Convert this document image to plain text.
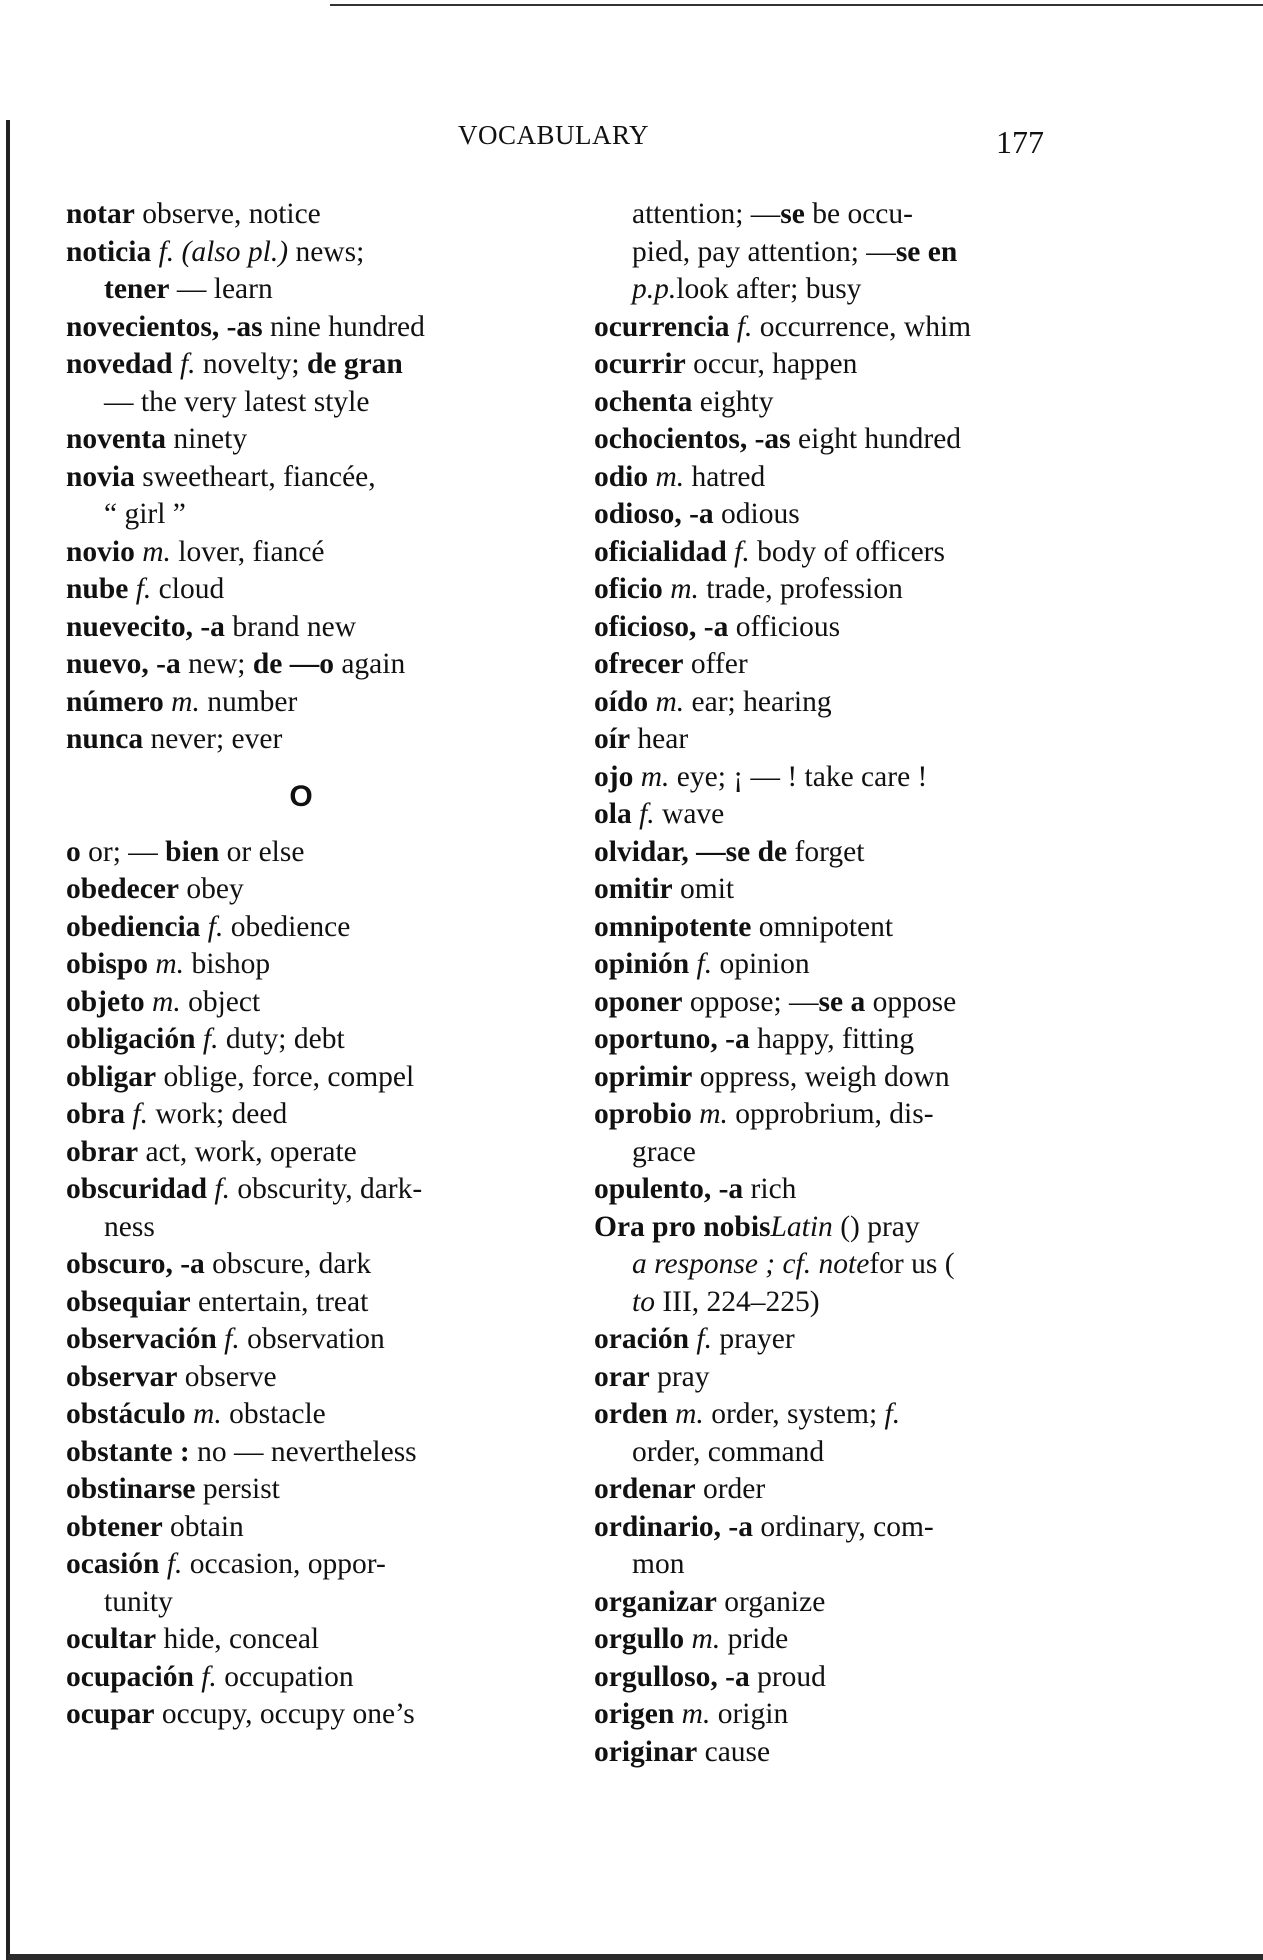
VOCABULARY	177
notar observe, notice
noticia f. (also pl.) news;
tener — learn
novecientos, -as nine hundred
novedad f. novelty; de gran
— the very latest style
noventa ninety
novia sweetheart, fiancée,
“ girl ”
novio m. lover, fiancé
nube f. cloud
nuevecito, -a brand new
nuevo, -a new; de —o again
número m. number
nunca never; ever
O
o or; — bien or else
obedecer obey
obediencia f. obedience
obispo m. bishop
objeto m. object
obligación f. duty; debt
obligar oblige, force, compel
obra f. work; deed
obrar act, work, operate
obscuridad f. obscurity, dark-
ness
obscuro, -a obscure, dark
obsequiar entertain, treat
observación f. observation
observar observe
obstáculo m. obstacle
obstante : no — nevertheless
obstinarse persist
obtener obtain
ocasión f. occasion, oppor-
tunity
ocultar hide, conceal
ocupación f. occupation
ocupar occupy, occupy one’s
attention; —se be occu-
pied, pay attention; —se en
p.p.look after; busy
ocurrencia f. occurrence, whim
ocurrir occur, happen
ochenta eighty
ochocientos, -as eight hundred
odio m. hatred
odioso, -a odious
oficialidad f. body of officers
oficio m. trade, profession
oficioso, -a officious
ofrecer offer
oído m. ear; hearing
oír hear
ojo m. eye; ¡ — ! take care !
ola f. wave
olvidar, —se de forget
omitir omit
omnipotente omnipotent
opinión f. opinion
oponer oppose; —se a oppose
oportuno, -a happy, fitting
oprimir oppress, weigh down
oprobio m. opprobrium, dis-
grace
opulento, -a rich
Ora pro nobisLatin () pray
a response ; cf. notefor us (
to III, 224–225)
oración f. prayer
orar pray
orden m. order, system; f.
order, command
ordenar order
ordinario, -a ordinary, com-
mon
organizar organize
orgullo m. pride
orgulloso, -a proud
origen m. origin
originar cause
